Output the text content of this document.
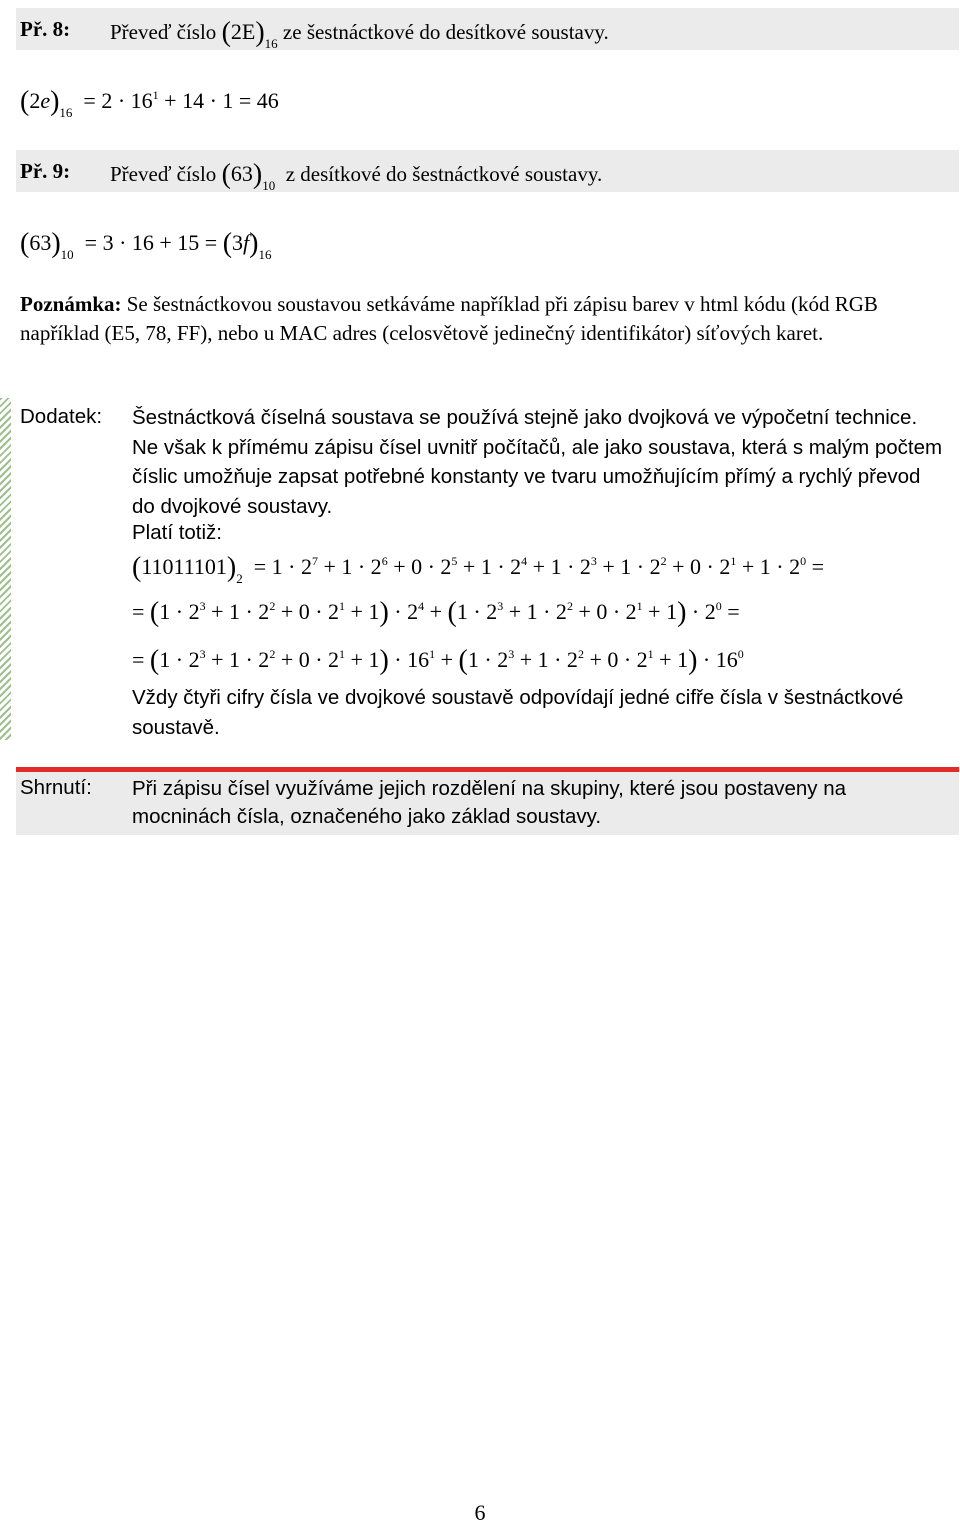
Př. 8: Převeď číslo $(2E)_{16}$ ze šestnáctkové do desítkové soustavy.
$(2e)_{16} = 2 \cdot 16^1 + 14 \cdot 1 = 46$
Př. 9: Převeď číslo $(63)_{10}$ z desítkové do šestnáctkové soustavy.
$(63)_{10} = 3 \cdot 16 + 15 = (3f)_{16}$
Poznámka: Se šestnáctkovou soustavou setkáváme například při zápisu barev v html kódu (kód RGB například (E5, 78, FF), nebo u MAC adres (celosvětově jedinečný identifikátor) síťových karet.
Dodatek: Šestnáctková číselná soustava se používá stejně jako dvojková ve výpočetní technice. Ne však k přímému zápisu čísel uvnitř počítačů, ale jako soustava, která s malým počtem číslic umožňuje zapsat potřebné konstanty ve tvaru umožňujícím přímý a rychlý převod do dvojkové soustavy.
Platí totiž:
$(11011101)_2 = 1 \cdot 2^7 + 1 \cdot 2^6 + 0 \cdot 2^5 + 1 \cdot 2^4 + 1 \cdot 2^3 + 1 \cdot 2^2 + 0 \cdot 2^1 + 1 \cdot 2^0$ =
= $(1 \cdot 2^3 + 1 \cdot 2^2 + 0 \cdot 2^1 + 1) \cdot 2^4 + (1 \cdot 2^3 + 1 \cdot 2^2 + 0 \cdot 2^1 + 1) \cdot 2^0$ =
= $(1 \cdot 2^3 + 1 \cdot 2^2 + 0 \cdot 2^1 + 1) \cdot 16^1 + (1 \cdot 2^3 + 1 \cdot 2^2 + 0 \cdot 2^1 + 1) \cdot 16^0$
Vždy čtyři cifry čísla ve dvojkové soustavě odpovídají jedné cifře čísla v šestnáctkové soustavě.
Shrnutí: Při zápisu čísel využíváme jejich rozdělení na skupiny, které jsou postaveny na mocninách čísla, označeného jako základ soustavy.
6
